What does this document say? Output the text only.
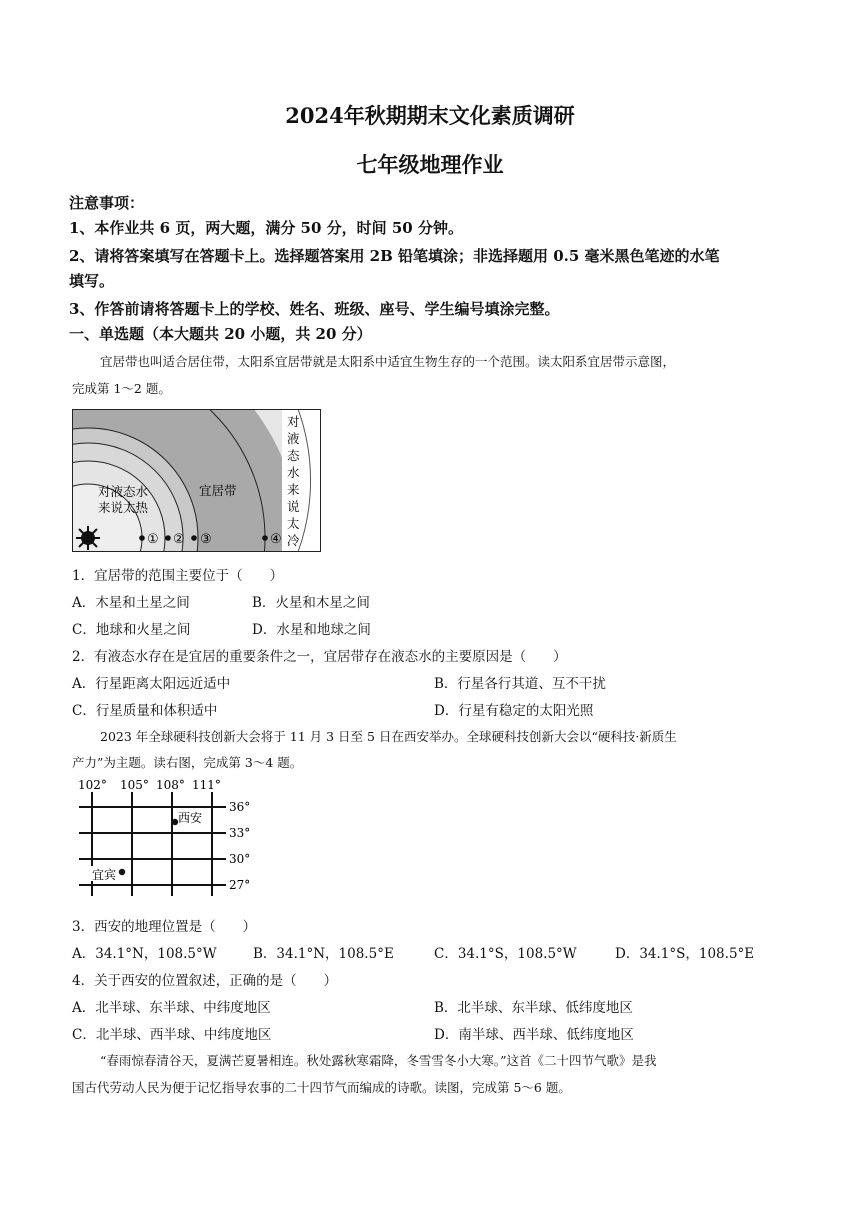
2024年秋期期末文化素质调研
七年级地理作业
注意事项：
1、本作业共 6 页，两大题，满分 50 分，时间 50 分钟。
2、请将答案填写在答题卡上。选择题答案用 2B 铅笔填涂；非选择题用 0.5 毫米黑色笔迹的水笔
填写。
3、作答前请将答题卡上的学校、姓名、班级、座号、学生编号填涂完整。
一、单选题（本大题共 20 小题，共 20 分）
宜居带也叫适合居住带，太阳系宜居带就是太阳系中适宜生物生存的一个范围。读太阳系宜居带示意图，
完成第 1～2 题。
① ② ③	④
对液态水
来说太热
宜居带
对
液
态
水
来
说
太
冷
1．宜居带的范围主要位于（　　）
A．木星和土星之间	B．火星和木星之间
C．地球和火星之间	D．水星和地球之间
2．有液态水存在是宜居的重要条件之一，宜居带存在液态水的主要原因是（　　）
A．行星距离太阳远近适中	B．行星各行其道、互不干扰
C．行星质量和体积适中	D．行星有稳定的太阳光照
2023 年全球硬科技创新大会将于 11 月 3 日至 5 日在西安举办。全球硬科技创新大会以“硬科技·新质生
产力”为主题。读右图，完成第 3～4 题。
102° 105° 108° 111°
36°
33°
30°
27°
西安
宜宾
3．西安的地理位置是（　　）
A．34.1°N，108.5°W	B．34.1°N，108.5°E	C．34.1°S，108.5°W	D．34.1°S，108.5°E
4．关于西安的位置叙述，正确的是（　　）
A．北半球、东半球、中纬度地区	B．北半球、东半球、低纬度地区
C．北半球、西半球、中纬度地区	D．南半球、西半球、低纬度地区
“春雨惊春清谷天，夏满芒夏暑相连。秋处露秋寒霜降，冬雪雪冬小大寒。”这首《二十四节气歌》是我
国古代劳动人民为便于记忆指导农事的二十四节气而编成的诗歌。读图，完成第 5～6 题。
